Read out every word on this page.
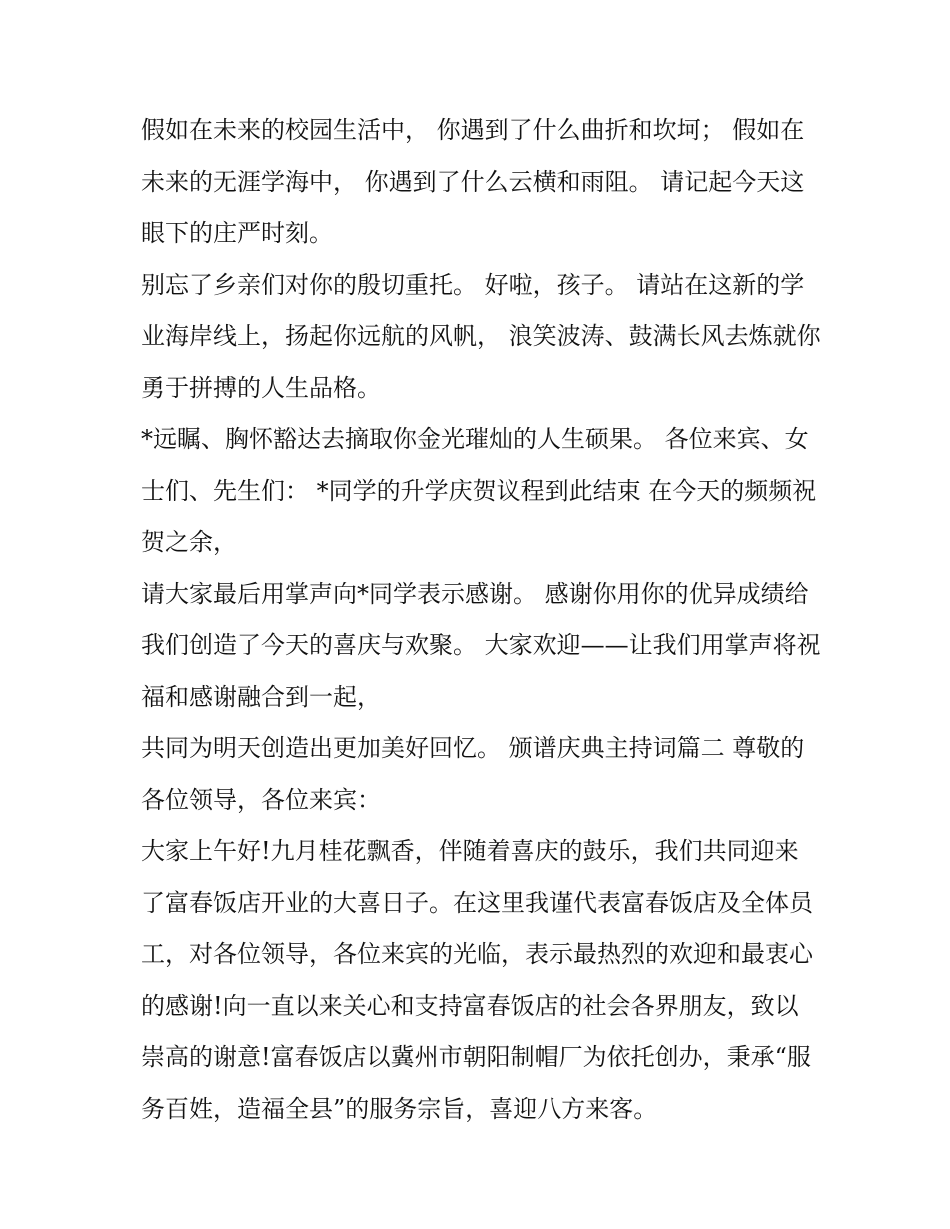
假如在未来的校园生活中， 你遇到了什么曲折和坎坷； 假如在未来的无涯学海中， 你遇到了什么云横和雨阻。 请记起今天这眼下的庄严时刻。

别忘了乡亲们对你的殷切重托。 好啦，孩子。 请站在这新的学业海岸线上，扬起你远航的风帆， 浪笑波涛、鼓满长风去炼就你勇于拼搏的人生品格。

*远瞩、胸怀豁达去摘取你金光璀灿的人生硕果。 各位来宾、女士们、先生们： *同学的升学庆贺议程到此结束 在今天的频频祝贺之余，

请大家最后用掌声向*同学表示感谢。 感谢你用你的优异成绩给我们创造了今天的喜庆与欢聚。 大家欢迎——让我们用掌声将祝福和感谢融合到一起，

共同为明天创造出更加美好回忆。 颁谱庆典主持词篇二 尊敬的各位领导，各位来宾：

大家上午好!九月桂花飘香，伴随着喜庆的鼓乐，我们共同迎来了富春饭店开业的大喜日子。在这里我谨代表富春饭店及全体员工，对各位领导，各位来宾的光临，表示最热烈的欢迎和最衷心的感谢!向一直以来关心和支持富春饭店的社会各界朋友，致以崇高的谢意!富春饭店以冀州市朝阳制帽厂为依托创办，秉承“服务百姓，造福全县”的服务宗旨，喜迎八方来客。
